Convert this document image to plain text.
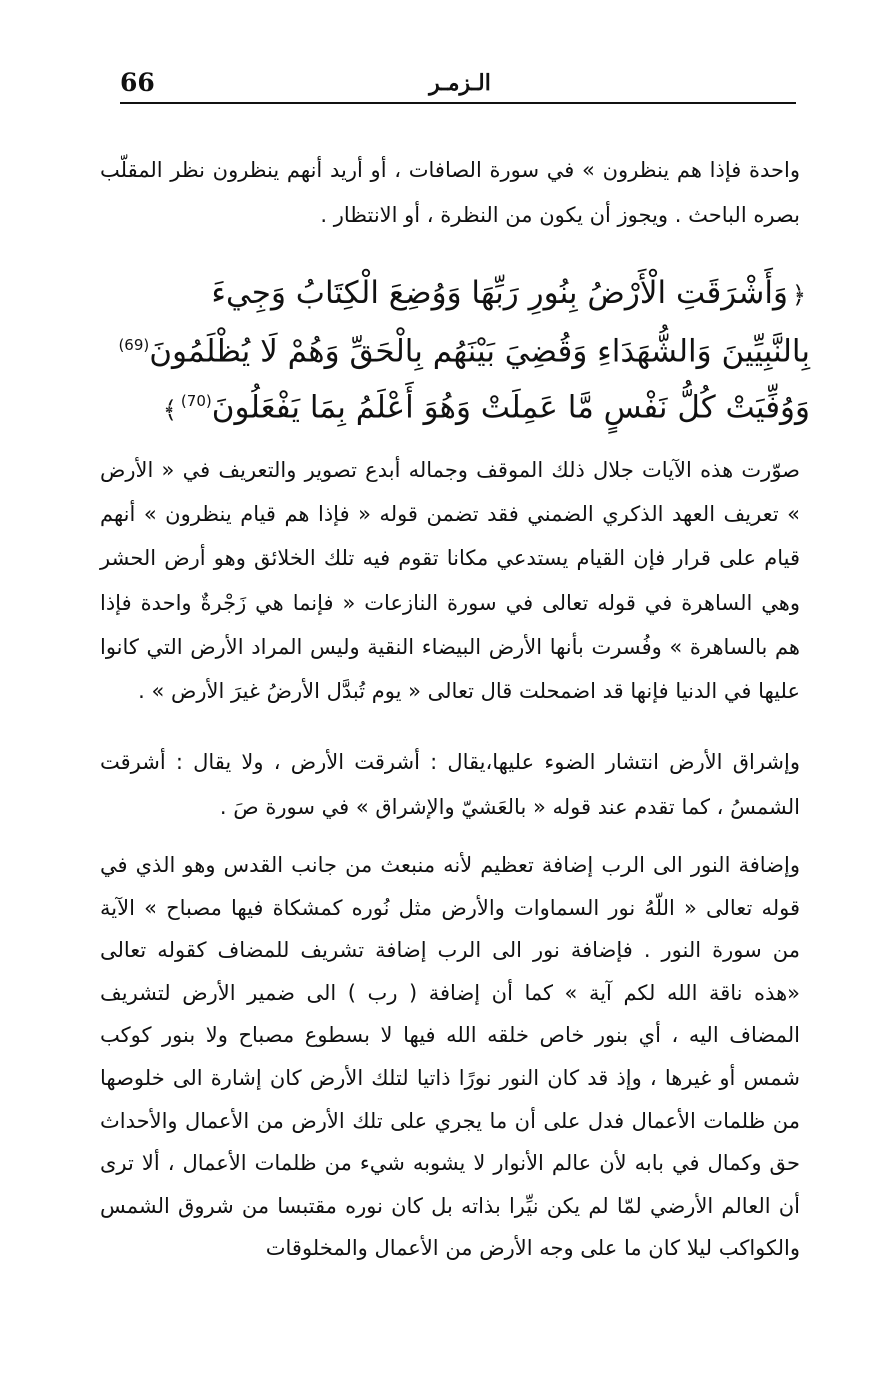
66	الـزمـر

واحدة فإذا هم ينظرون » في سورة الصافات ، أو أريد أنهم ينظرون نظر المقلّب بصره الباحث . ويجوز أن يكون من النظرة ، أو الانتظار .

﴿وَأَشْرَقَتِ الْأَرْضُ بِنُورِ رَبِّهَا وَوُضِعَ الْكِتَابُ وَجِيءَ
بِالنَّبِيِّينَ وَالشُّهَدَاءِ وَقُضِيَ بَيْنَهُم بِالْحَقِّ وَهُمْ لَا يُظْلَمُونَ$^{(69)}$
وَوُفِّيَتْ كُلُّ نَفْسٍ مَّا عَمِلَتْ وَهُوَ أَعْلَمُ بِمَا يَفْعَلُونَ$^{(70)}$﴾

صوّرت هذه الآيات جلال ذلك الموقف وجماله أبدع تصوير والتعريف في « الأرض » تعريف العهد الذكري الضمني فقد تضمن قوله « فإذا هم قيام ينظرون » أنهم قيام على قرار فإن القيام يستدعي مكانا تقوم فيه تلك الخلائق وهو أرض الحشر وهي الساهرة في قوله تعالى في سورة النازعات « فإنما هي زَجْرةٌ واحدة فإذا هم بالساهرة » وفُسرت بأنها الأرض البيضاء النقية وليس المراد الأرض التي كانوا عليها في الدنيا فإنها قد اضمحلت قال تعالى « يوم تُبدَّل الأرضُ غيرَ الأرض » .

وإشراق الأرض انتشار الضوء عليها،يقال : أشرقت الأرض ، ولا يقال : أشرقت الشمسُ ، كما تقدم عند قوله « بالعَشيّ والإشراق » في سورة صَ .

وإضافة النور الى الرب إضافة تعظيم لأنه منبعث من جانب القدس وهو الذي في قوله تعالى « اللّهُ نور السماوات والأرض مثل نُوره كمشكاة فيها مصباح » الآية من سورة النور . فإضافة نور الى الرب إضافة تشريف للمضاف كقوله تعالى «هذه ناقة الله لكم آية » كما أن إضافة ( رب ) الى ضمير الأرض لتشريف المضاف اليه ، أي بنور خاص خلقه الله فيها لا بسطوع مصباح ولا بنور كوكب شمس أو غيرها ، وإذ قد كان النور نورًا ذاتيا لتلك الأرض كان إشارة الى خلوصها من ظلمات الأعمال فدل على أن ما يجري على تلك الأرض من الأعمال والأحداث حق وكمال في بابه لأن عالم الأنوار لا يشوبه شيء من ظلمات الأعمال ، ألا ترى أن العالم الأرضي لمّا لم يكن نيِّرا بذاته بل كان نوره مقتبسا من شروق الشمس والكواكب ليلا كان ما على وجه الأرض من الأعمال والمخلوقات
